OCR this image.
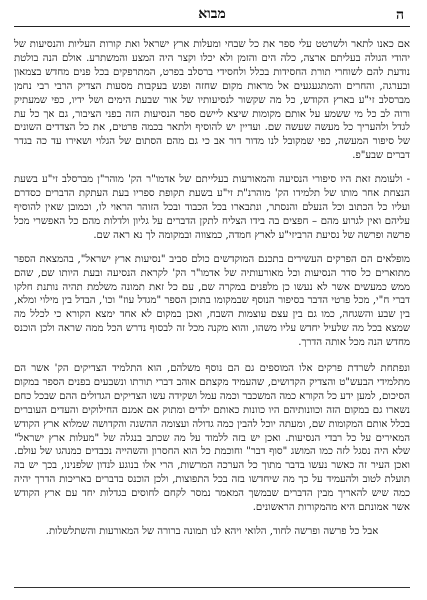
ה
מבוא

אם כאנו לתאר ולשרטט עלי ספר את כל שבחי ומעלות ארץ ישראל ואת קורות העליות והנסיעות של יהודי הגולה בעליתם ארצה, כלה הים והזמן ולא יכלו וקצר היה המצע והמשתרע. אולם הנה בולטת נודעת להם לשוחרי תורת החסידות בכלל ולחסידי ברסלב בפרט, המתרפקים בכל פנים מחדש בצמאון ובערגה, והחרים והמתגעגעים אל מראות מקום שחזה ופגש בעקבות מסעות הצדיק הרבי רבי נחמן מברסלב זי"ע בארץ הקודש, כל מה שקשור לנסיעותיו של אור שבעת הימים ושל ידיו, כפי שמעתיק ורוה לב כל מי ששמע על אותם מקומות שיצא ליישם ספר הנסיעות הזה בפני הציבור, גם אך כל עת לגדל ולהעריך כל מעשה שעשה שם. ועדיין יש להוסיף ולתאר בכמה פרטים, את כל הצדדים השונים של סיפור המעשה, כפי שמקובל לנו מדור דור אב כי גם מהם הסתום של הגלוי ושאירו עד כה בגדר דברים שבע"פ.

- ולעומת זאת היו סיפורי הנסיעה והמאורעות בעלייתם של אדמו"ר הק' מוהר"ן מברסלב זי"ע בשעת הנצחת אחר מותו של תלמידו הק' מוהרנ"ת זי"ע בשעת תקופת ספריו בעת העתקת הדברים כסדרם ועליו כל הכתוב וכל הנעלם והנסתר, ונתבארו בכל הכבוד ובכל הזוהר הראוי לו, וכמובן שאין להוסיף עליהם ואין לגרוע מהם – חפצים בה בידו הצליח לתקן הדברים על גליון ולדלות מהם כל האפשרי מכל פרשה ופרשה של נסיעת הרביזי"ע לארץ חמדה, כמצווה ובמקומה לך נא ראה שם.

מופלאים הם הפרקים העשירים בתכנם המוקדשים כולם סביב "נסיעות ארץ ישראל", בהמצאת הספר מתוארים כל סדר הנסיעות וכל מאורעותיה של אדמו"ר הק' לקראת הנסיעה ובעת היותו שם, שהם ממש כמעשים אשר לא נעשו כן מלפנים במקרה שם, עם כל זאת תמונה משלמת תהיה נותנת חלקו דברי ח"י, מכל פרטי הדבר בסיפור הנוסף שבמקומו בתוכן הספר "מגדל עוז" וכו', הבדל בין מילוי ומלא, בין שבע והשגחה, כמו גם בין עצם עוצמות השבח, ואכן במקום לא אחד ימצא הקורא כי לכלל מה שמצא בכל מה שלעיל יחדש עליו משהו, והוא מקנה מכל זה לבסוף נדרש הכל ממה שראה ולכן הוכנס מחדש הנה מכל אותה הדרך.

ונפתחת לשרדת פרקים אלו המוספים גם הם נוסף משלהם, הוא התלמיד הצדיקים הק' אשר הם מתלמידי הבעש"ט והצדיק הקדושים, שהעמיד מקצתם אוהב דברי תורתו ונשבעים בפנים הספר במקום הסיכום, למען ידע כל הקורא כמה המשכבר וכמה עמל ושקידה עשו הצדיקים הגדולים ההם שבכל כחם נשארו גם במקום הזה וכוונותיהם היו כוונות כאותם ילדים ומתוק אם אמנם החילוקים והעדים העוברים בכלל אותם המקומות שם, ומעתה יוכל להבין כמה גדולה ועצומה ההשגה והקדושה שמלוא ארץ הקודש המאירים על כל רבדי הנסיעות. ואכן יש בזה ללמוד על מה שכתב בנגלה של "מעלות ארץ ישראל" שלא היה נסגל לזה כמו המושג "סוף דבר" וחוכמת כל הוא החסרון והשהייה נכבדים כמנהגו של עולם. ואכן העיר זה כאשר נעשו בדבר מתוך כל הערכה המרשות, הרי אלו בנוגע לנדון שלפנינו, בכך יש בה תועלת לטוב ולהעמיד על כך מה שיחדשו בזה בכל התפוצות, ולכן הוכנס בדברים באריכות הדרך יהיה כמה שיש להאריך מבין הדברים שבמשך המאמר נמסר לקחם לחוסים בגדלות יחד עם ארץ הקודש אשר אמונתם היא מהמקורות הראשונים.

אבל כל פרשה ופרשה לחוד, הלואי ויהא לנו תמונה ברורה של המאורעות והשתלשלות.
